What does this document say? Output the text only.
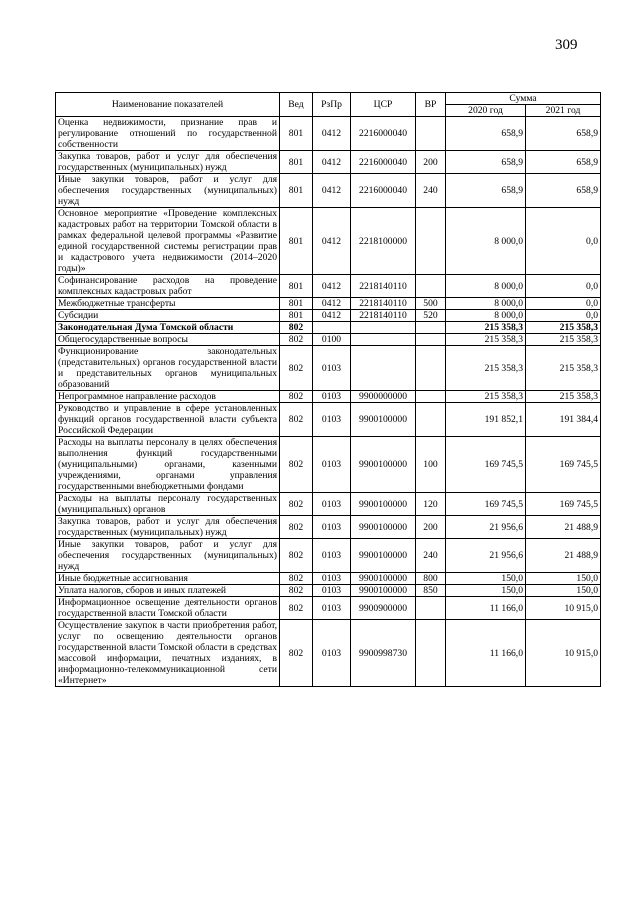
309
Наименование показателей	Вед	РзПр	ЦСР	ВР	Сумма	
					2020 год	2021 год
Оценка недвижимости, признание прав и регулирование отношений по государственной собственности	801	0412	2216000040		658,9	658,9
Закупка товаров, работ и услуг для обеспечения государственных (муниципальных) нужд	801	0412	2216000040	200	658,9	658,9
Иные закупки товаров, работ и услуг для обеспечения государственных (муниципальных) нужд	801	0412	2216000040	240	658,9	658,9
Основное мероприятие «Проведение комплексных кадастровых работ на территории Томской области в рамках федеральной целевой программы «Развитие единой государственной системы регистрации прав и кадастрового учета недвижимости (2014–2020 годы)»	801	0412	2218100000		8 000,0	0,0
Софинансирование расходов на проведение комплексных кадастровых работ	801	0412	2218140110		8 000,0	0,0
Межбюджетные трансферты	801	0412	2218140110	500	8 000,0	0,0
Субсидии	801	0412	2218140110	520	8 000,0	0,0
Законодательная Дума Томской области	802				215 358,3	215 358,3
Общегосударственные вопросы	802	0100			215 358,3	215 358,3
Функционирование законодательных (представительных) органов государственной власти и представительных органов муниципальных образований	802	0103			215 358,3	215 358,3
Непрограммное направление расходов	802	0103	9900000000		215 358,3	215 358,3
Руководство и управление в сфере установленных функций органов государственной власти субъекта Российской Федерации	802	0103	9900100000		191 852,1	191 384,4
Расходы на выплаты персоналу в целях обеспечения выполнения функций государственными (муниципальными) органами, казенными учреждениями, органами управления государственными внебюджетными фондами	802	0103	9900100000	100	169 745,5	169 745,5
Расходы на выплаты персоналу государственных (муниципальных) органов	802	0103	9900100000	120	169 745,5	169 745,5
Закупка товаров, работ и услуг для обеспечения государственных (муниципальных) нужд	802	0103	9900100000	200	21 956,6	21 488,9
Иные закупки товаров, работ и услуг для обеспечения государственных (муниципальных) нужд	802	0103	9900100000	240	21 956,6	21 488,9
Иные бюджетные ассигнования	802	0103	9900100000	800	150,0	150,0
Уплата налогов, сборов и иных платежей	802	0103	9900100000	850	150,0	150,0
Информационное освещение деятельности органов государственной власти Томской области	802	0103	9900900000		11 166,0	10 915,0
Осуществление закупок в части приобретения работ, услуг по освещению деятельности органов государственной власти Томской области в средствах массовой информации, печатных изданиях, в информационно-телекоммуникационной сети «Интернет»	802	0103	9900998730		11 166,0	10 915,0
